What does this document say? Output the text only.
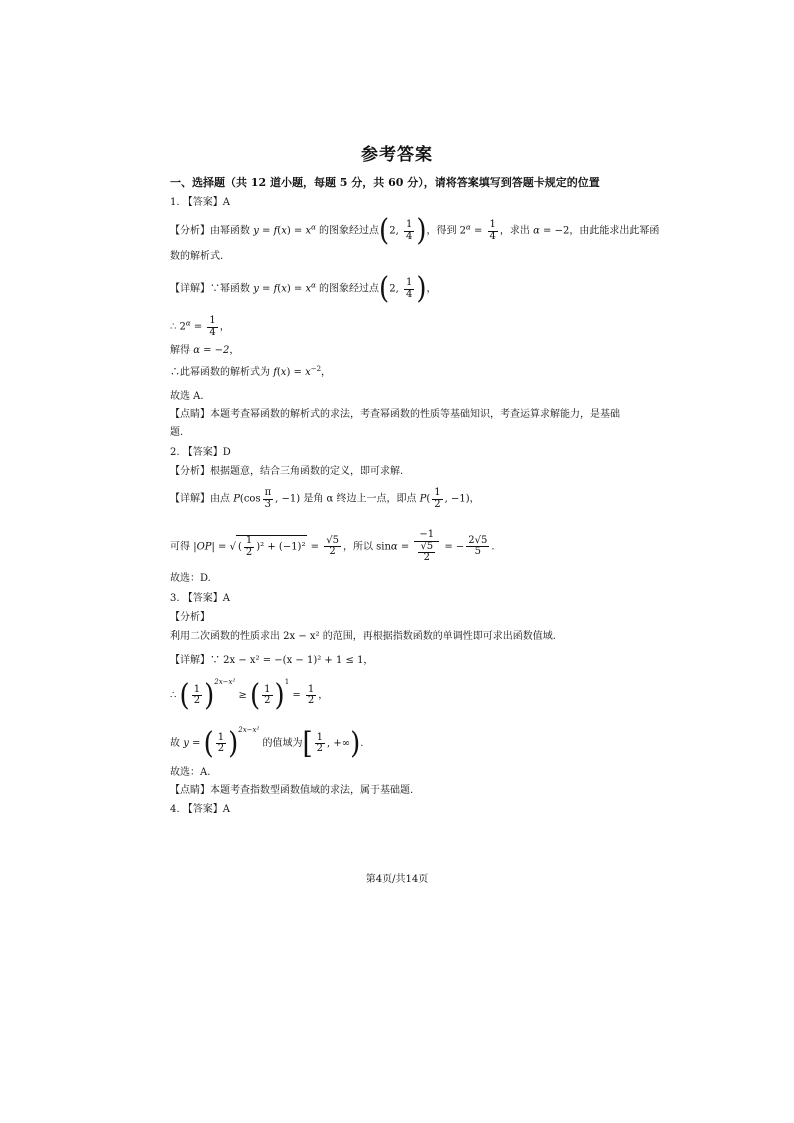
参考答案
一、选择题（共 12 道小题，每题 5 分，共 60 分），请将答案填写到答题卡规定的位置
1. 【答案】A
【分析】由幂函数 $y = f(x) = x^\alpha$ 的图象经过点(2, $\frac{1}{4}$ )，得到 $2^\alpha = \frac{1}{4}$ ，求出 α = −2，由此能求出此幂函
数的解析式.
【详解】∵幂函数 $y = f(x) = x^\alpha$ 的图象经过点(2, $\frac{1}{4}$ )，
∴ $2^\alpha = \frac{1}{4}$ ，
解得 α = −2，
∴此幂函数的解析式为 $f(x) = x^{-2}$，
故选 A.
【点睛】本题考查幂函数的解析式的求法，考查幂函数的性质等基础知识，考查运算求解能力，是基础
题.
2. 【答案】D
【分析】根据题意，结合三角函数的定义，即可求解.
【详解】由点 $P(\cos \frac{\pi}{3}$ , −1) 是角 α 终边上一点，即点 $P( \frac{1}{2}$ , −1)，
可得 |OP| = √ ( $\frac{1}{2} )^2 + (-1)^2 = \frac{√5}{2}$ ，所以 $\sin\alpha = \frac{-1}{\frac{√5}{2}}$ = − $\frac{2√5}{5}$ .
故选：D.
3. 【答案】A
【分析】
利用二次函数的性质求出 2x − x² 的范围，再根据指数函数的单调性即可求出函数值域.
【详解】∵ 2x − x² = −(x − 1)² + 1 ≤ 1，
∴ ( $\frac{1}{2} )^{2x-x^2}$ ≥ ( $\frac{1}{2} )^1 = \frac{1}{2}$ ，
故 y = ( $\frac{1}{2} )^{2x-x^2}$ 的值域为[ $\frac{1}{2}$ , +∞).
故选：A.
【点睛】本题考查指数型函数值域的求法，属于基础题.
4. 【答案】A
第4页/共14页
